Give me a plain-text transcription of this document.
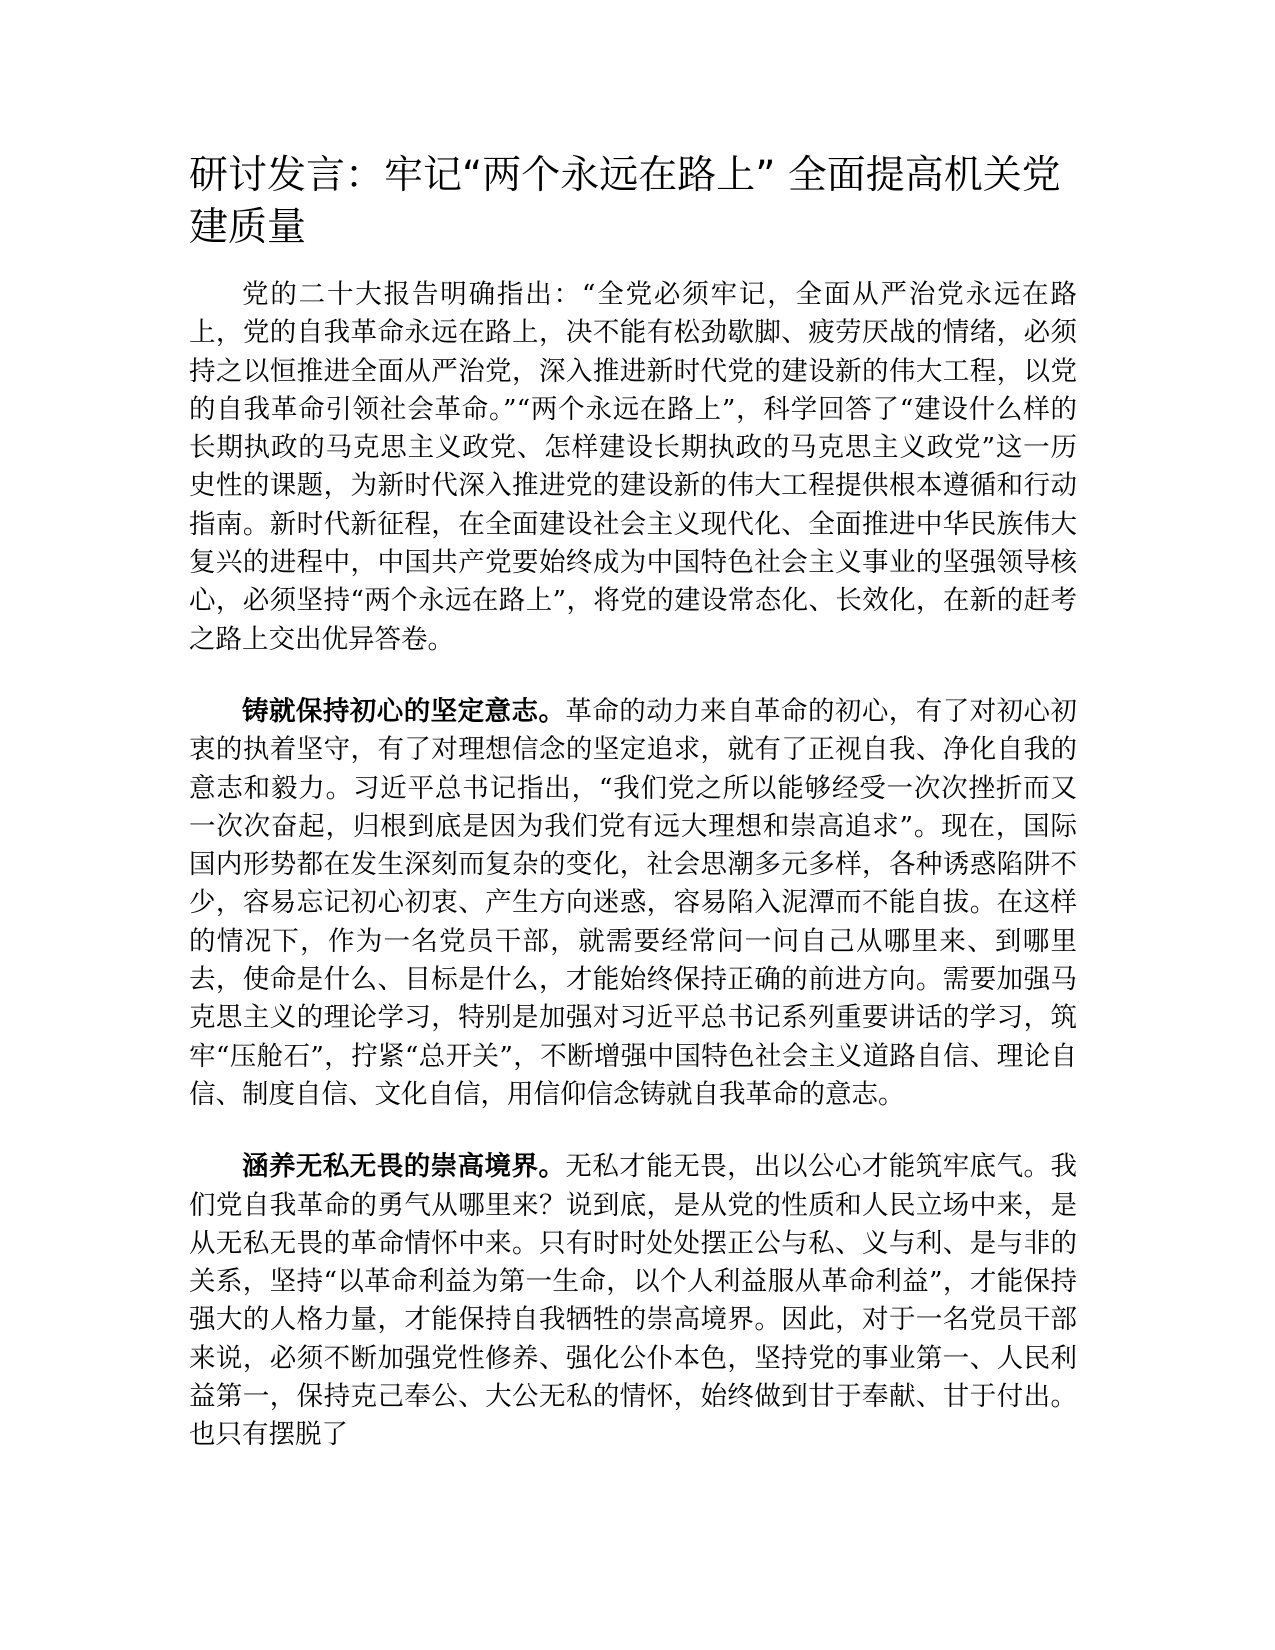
研讨发言：牢记“两个永远在路上” 全面提高机关党建质量

党的二十大报告明确指出：“全党必须牢记，全面从严治党永远在路上，党的自我革命永远在路上，决不能有松劲歇脚、疲劳厌战的情绪，必须持之以恒推进全面从严治党，深入推进新时代党的建设新的伟大工程，以党的自我革命引领社会革命。”“两个永远在路上”，科学回答了“建设什么样的长期执政的马克思主义政党、怎样建设长期执政的马克思主义政党”这一历史性的课题，为新时代深入推进党的建设新的伟大工程提供根本遵循和行动指南。新时代新征程，在全面建设社会主义现代化、全面推进中华民族伟大复兴的进程中，中国共产党要始终成为中国特色社会主义事业的坚强领导核心，必须坚持“两个永远在路上”，将党的建设常态化、长效化，在新的赶考之路上交出优异答卷。

铸就保持初心的坚定意志。革命的动力来自革命的初心，有了对初心初衷的执着坚守，有了对理想信念的坚定追求，就有了正视自我、净化自我的意志和毅力。习近平总书记指出，“我们党之所以能够经受一次次挫折而又一次次奋起，归根到底是因为我们党有远大理想和崇高追求”。现在，国际国内形势都在发生深刻而复杂的变化，社会思潮多元多样，各种诱惑陷阱不少，容易忘记初心初衷、产生方向迷惑，容易陷入泥潭而不能自拔。在这样的情况下，作为一名党员干部，就需要经常问一问自己从哪里来、到哪里去，使命是什么、目标是什么，才能始终保持正确的前进方向。需要加强马克思主义的理论学习，特别是加强对习近平总书记系列重要讲话的学习，筑牢“压舱石”，拧紧“总开关”，不断增强中国特色社会主义道路自信、理论自信、制度自信、文化自信，用信仰信念铸就自我革命的意志。

涵养无私无畏的崇高境界。无私才能无畏，出以公心才能筑牢底气。我们党自我革命的勇气从哪里来？说到底，是从党的性质和人民立场中来，是从无私无畏的革命情怀中来。只有时时处处摆正公与私、义与利、是与非的关系，坚持“以革命利益为第一生命，以个人利益服从革命利益”，才能保持强大的人格力量，才能保持自我牺牲的崇高境界。因此，对于一名党员干部来说，必须不断加强党性修养、强化公仆本色，坚持党的事业第一、人民利益第一，保持克己奉公、大公无私的情怀，始终做到甘于奉献、甘于付出。也只有摆脱了
